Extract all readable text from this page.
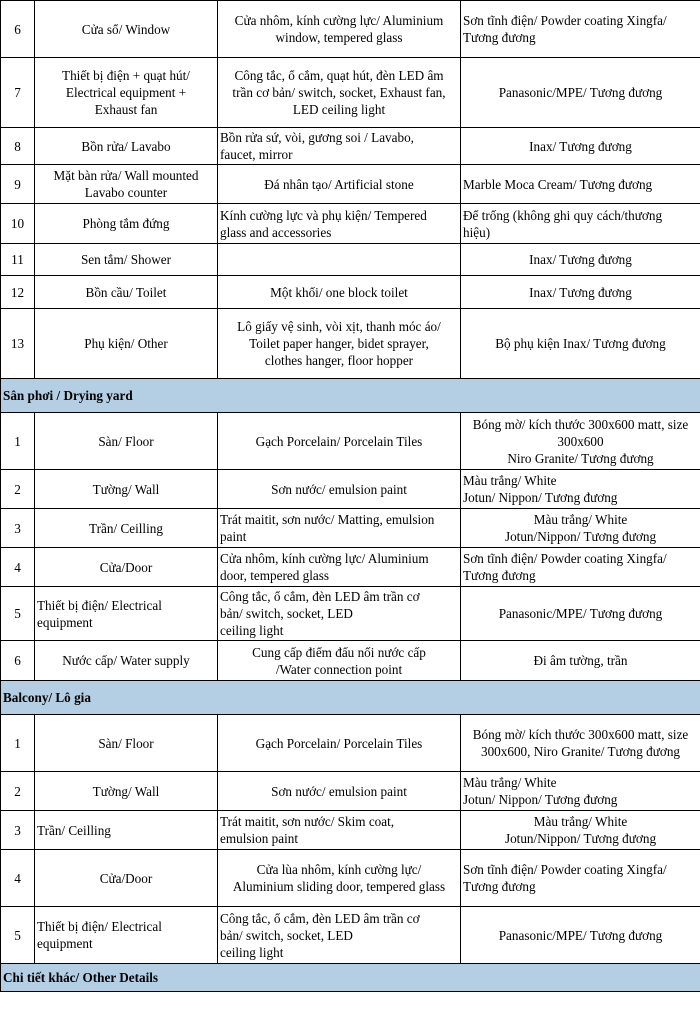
6	Cửa sổ/ Window	Cửa nhôm, kính cường lực/ Aluminium
window, tempered glass	Sơn tĩnh điện/ Powder coating Xingfa/
Tương đương

7	Thiết bị điện + quạt hút/
Electrical equipment +
Exhaust fan	Công tắc, ổ cắm, quạt hút, đèn LED âm
trần cơ bản/ switch, socket, Exhaust fan,
LED ceiling light	Panasonic/MPE/ Tương đương

8	Bồn rửa/ Lavabo	Bồn rửa sứ, vòi, gương soi / Lavabo,
faucet, mirror	Inax/ Tương đương

9	Mặt bàn rửa/ Wall mounted
Lavabo counter	Đá nhân tạo/ Artificial stone	Marble Moca Cream/ Tương đương

10	Phòng tắm đứng	Kính cường lực và phụ kiện/ Tempered
glass and accessories	Để trống (không ghi quy cách/thương
hiệu)

11	Sen tắm/ Shower		Inax/ Tương đương

12	Bồn cầu/ Toilet	Một khối/ one block toilet	Inax/ Tương đương

13	Phụ kiện/ Other	Lô giấy vệ sinh, vòi xịt, thanh móc áo/
Toilet paper hanger, bidet sprayer,
clothes hanger, floor hopper	Bộ phụ kiện Inax/ Tương đương

Sân phơi / Drying yard			
1	Sàn/ Floor	Gạch Porcelain/ Porcelain Tiles	Bóng mờ/ kích thước 300x600 matt, size
300x600
Niro Granite/ Tương đương

2	Tường/ Wall	Sơn nước/ emulsion paint	Màu trắng/ White
Jotun/ Nippon/ Tương đương

3	Trần/ Ceilling	Trát maitit, sơn nước/ Matting, emulsion
paint	Màu trắng/ White
Jotun/Nippon/ Tương đương

4	Cửa/Door	Cửa nhôm, kính cường lực/ Aluminium
door, tempered glass	Sơn tĩnh điện/ Powder coating Xingfa/
Tương đương

5	Thiết bị điện/ Electrical
equipment	Công tắc, ổ cắm, đèn LED âm trần cơ
bản/ switch, socket, LED
ceiling light	Panasonic/MPE/ Tương đương

6	Nước cấp/ Water supply	Cung cấp điểm đấu nối nước cấp
/Water connection point	Đi âm tường, trần

Balcony/ Lô gia			
1	Sàn/ Floor	Gạch Porcelain/ Porcelain Tiles	Bóng mờ/ kích thước 300x600 matt, size
300x600, Niro Granite/ Tương đương

2	Tường/ Wall	Sơn nước/ emulsion paint	Màu trắng/ White
Jotun/ Nippon/ Tương đương

3	Trần/ Ceilling	Trát maitit, sơn nước/ Skim coat,
emulsion paint	Màu trắng/ White
Jotun/Nippon/ Tương đương

4	Cửa/Door	Cửa lùa nhôm, kính cường lực/
Aluminium sliding door, tempered glass	Sơn tĩnh điện/ Powder coating Xingfa/
Tương đương

5	Thiết bị điện/ Electrical
equipment	Công tắc, ổ cắm, đèn LED âm trần cơ
bản/ switch, socket, LED
ceiling light	Panasonic/MPE/ Tương đương

Chi tiết khác/ Other Details			
